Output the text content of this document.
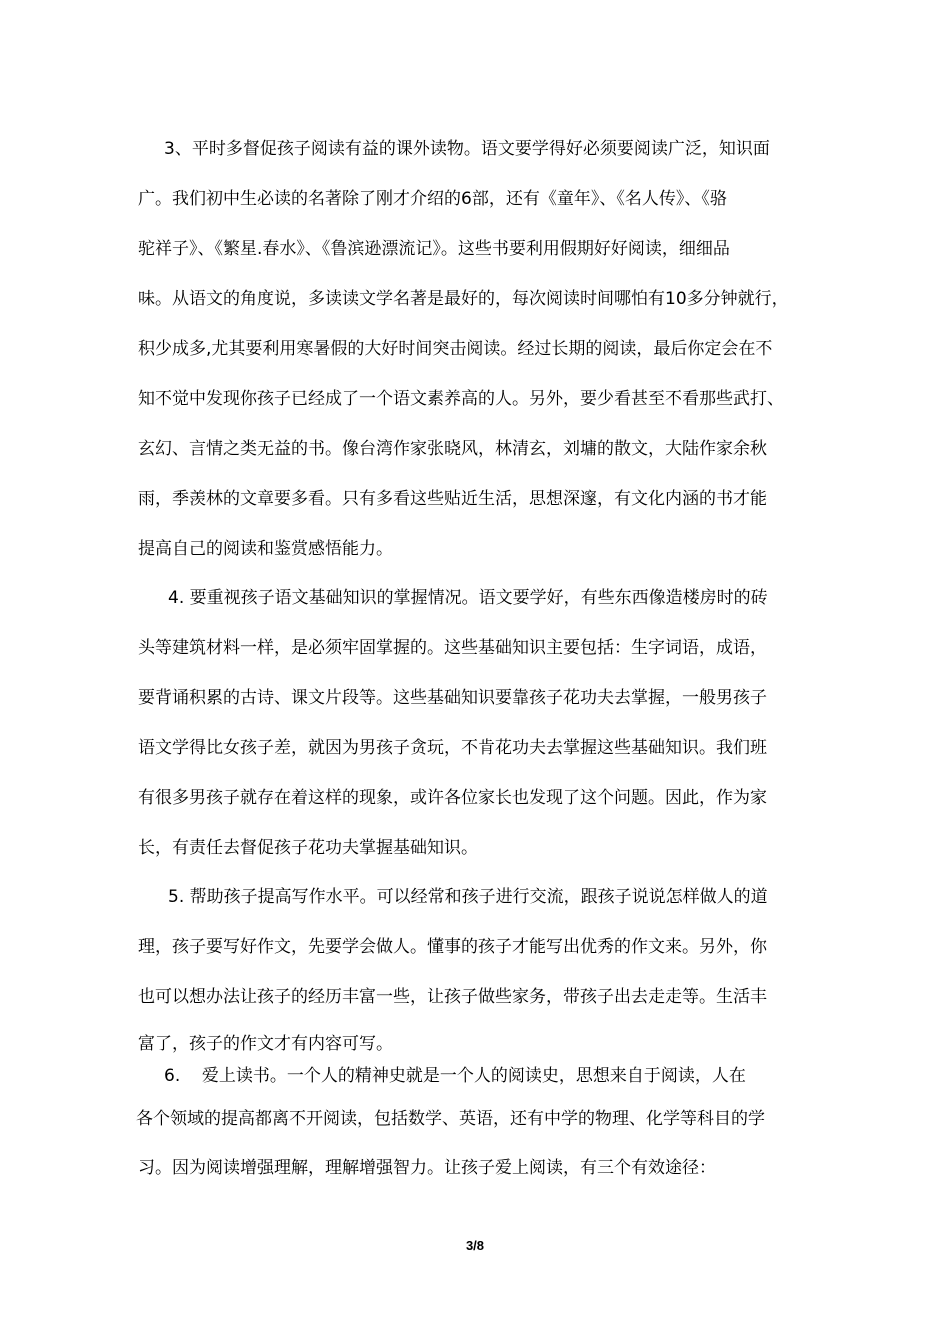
3、平时多督促孩子阅读有益的课外读物。语文要学得好必须要阅读广泛，知识面
广。我们初中生必读的名著除了刚才介绍的6部，还有《童年》、《名人传》、《骆
驼祥子》、《繁星.春水》、《鲁滨逊漂流记》。这些书要利用假期好好阅读，细细品
味。从语文的角度说，多读读文学名著是最好的，每次阅读时间哪怕有10多分钟就行，
积少成多,尤其要利用寒暑假的大好时间突击阅读。经过长期的阅读，最后你定会在不
知不觉中发现你孩子已经成了一个语文素养高的人。另外，要少看甚至不看那些武打、
玄幻、言情之类无益的书。像台湾作家张晓风，林清玄，刘墉的散文，大陆作家余秋
雨，季羡林的文章要多看。只有多看这些贴近生活，思想深邃，有文化内涵的书才能
提高自己的阅读和鉴赏感悟能力。
4. 要重视孩子语文基础知识的掌握情况。语文要学好，有些东西像造楼房时的砖
头等建筑材料一样，是必须牢固掌握的。这些基础知识主要包括：生字词语，成语，
要背诵积累的古诗、课文片段等。这些基础知识要靠孩子花功夫去掌握，一般男孩子
语文学得比女孩子差，就因为男孩子贪玩，不肯花功夫去掌握这些基础知识。我们班
有很多男孩子就存在着这样的现象，或许各位家长也发现了这个问题。因此，作为家
长，有责任去督促孩子花功夫掌握基础知识。
5. 帮助孩子提高写作水平。可以经常和孩子进行交流，跟孩子说说怎样做人的道
理，孩子要写好作文，先要学会做人。懂事的孩子才能写出优秀的作文来。另外，你
也可以想办法让孩子的经历丰富一些，让孩子做些家务，带孩子出去走走等。生活丰
富了，孩子的作文才有内容可写。
6.    爱上读书。一个人的精神史就是一个人的阅读史，思想来自于阅读，人在
各个领域的提高都离不开阅读，包括数学、英语，还有中学的物理、化学等科目的学
习。因为阅读增强理解，理解增强智力。让孩子爱上阅读，有三个有效途径：
3/8
